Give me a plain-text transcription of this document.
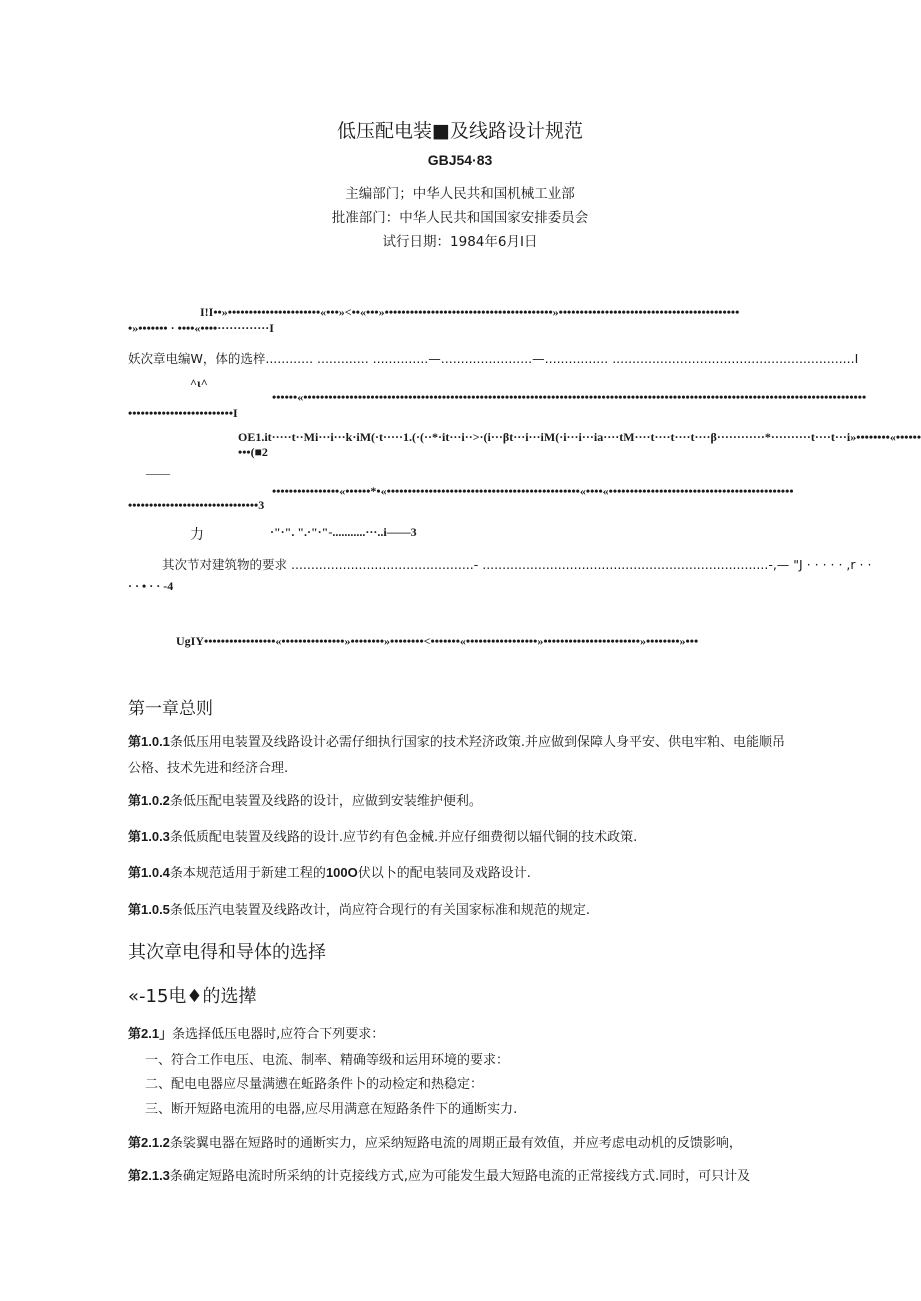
低压配电装■及线路设计规范
GBJ54·83
主编部门；中华人民共和国机械工业部
批准部门：中华人民共和国国家安排委员会
试行日期：1984年6月I日
I!I••»••••••••••••••••••••••«•••»<••«•••»••••••••••••••••••••••••••••••••••••••••»•••••••••••••••••••••••••••••••••••••••••••
•»••••••• · ••••«••••·············I
妖次章电编W，体的选梓............ ............. ..............—.......................—................ .............................................................I
^ι^
••••••«••••••••••••••••••••••••••••••••••••••••••••••••••••••••••••••••••••••••••••••••••••••••••••••••••••••••••••••••••••••••••••••••••••••
•••••••••••••••••••••••••I
OE1.it·····t··Mi···i···k·iM(·t·····1.(·(··*·it···i··>·(i···βt···i···iM(·i···i···ia····tM····t····t····t····β············*··········t····t···i»••••••••«••••••
•••(■2
——
••••••••••••••••«••••••*•«••••••••••••••••••••••••••••••••••••••••••••••«••••«••••••••••••••••••••••••••••••••••••••••••••
•••••••••••••••••••••••••••••••3
力	·"·". ".·"·"-...........···..i——3
其次节对建筑物的要求 ..............................................- ........................................................................-,— "J · · · · · ,r · ·
· · • · · -4
UgIY•••••••••••••••••«•••••••••••••••»••••••••»••••••••<•••••••«•••••••••••••••••»•••••••••••••••••••••••»••••••••»•••
第一章总则
第1.0.1条低压用电装置及线路设计必需仔细执行国家的技术羟济政策.并应做到保障人身平安、供电牢粕、电能顺吊公格、技术先进和经济合理.
第1.0.2条低压配电装置及线路的设计，应做到安装维护便利。
第1.0.3条低质配电装置及线路的设计.应节约有色金械.并应仔细费彻以辐代铜的技术政策.
第1.0.4条本规范适用于新建工程的100O伏以卜的配电装同及戏路设计.
第1.0.5条低压汽电装置及线路改计，尚应符合现行的有关国家标准和规范的规定.
其次章电得和导体的选择
«-15电♦的选撵
第2.1」条选择低压电器时,应符合下列要求：
一、符合工作电压、电流、制率、精确等级和运用环境的要求：
二、配电电器应尽量满懑在蚯路条件卜的动检定和热稳定：
三、断开短路电流用的电器,应尽用满意在短路条件下的通断实力.
第2.1.2条裟翼电器在短路时的通断实力，应采纳短路电流的周期正最有效值，并应考虑电动机的反馈影响，
第2.1.3条确定短路电流时所采纳的计克接线方式,应为可能发生最大短路电流的正常接线方式.同时，可只计及
